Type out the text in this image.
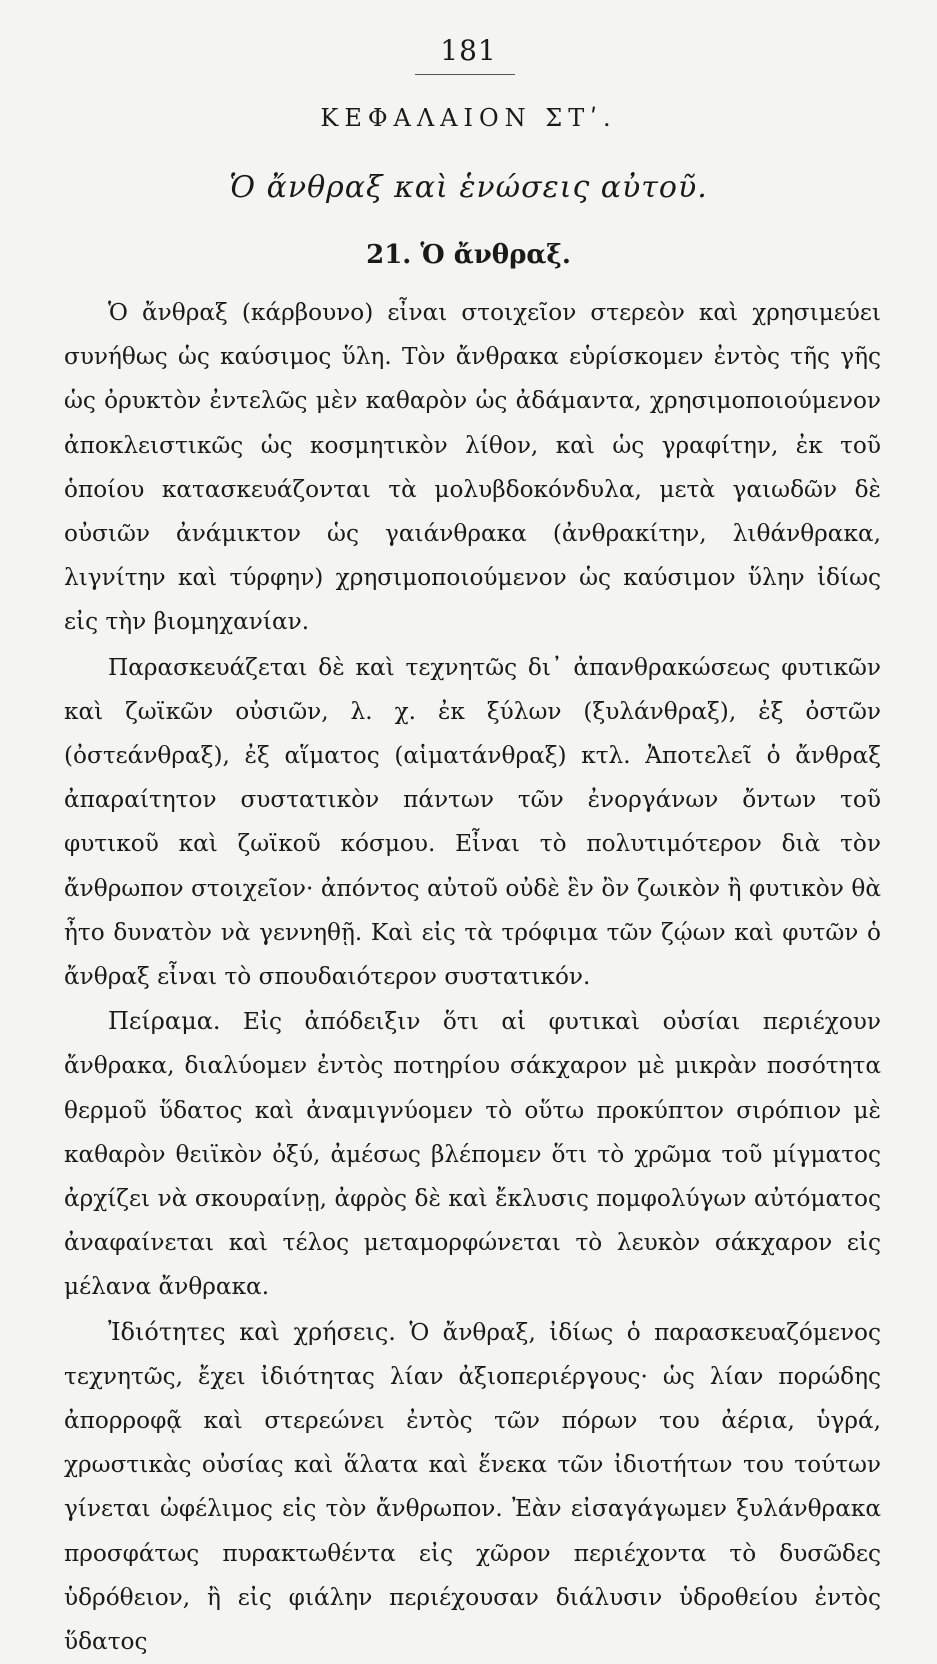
181
ΚΕΦΑΛΑΙΟΝ ΣΤʹ.
Ὁ ἄνθραξ καὶ ἑνώσεις αὐτοῦ.
21. Ὁ ἄνθραξ.

Ὁ ἄνθραξ (κάρβουνο) εἶναι στοιχεῖον στερεὸν καὶ χρησιμεύει συνήθως ὡς καύσιμος ὕλη. Τὸν ἄνθρακα εὑρίσκομεν ἐντὸς τῆς γῆς ὡς ὀρυκτὸν ἐντελῶς μὲν καθαρὸν ὡς ἀδάμαντα, χρησιμοποιούμενον ἀποκλειστικῶς ὡς κοσμητικὸν λίθον, καὶ ὡς γραφίτην, ἐκ τοῦ ὁποίου κατασκευάζονται τὰ μολυβδοκόνδυλα, μετὰ γαιωδῶν δὲ οὐσιῶν ἀνάμικτον ὡς γαιάνθρακα (ἀνθρακίτην, λιθάνθρακα, λιγνίτην καὶ τύρφην) χρησιμοποιούμενον ὡς καύσιμον ὕλην ἰδίως εἰς τὴν βιομηχανίαν.

Παρασκευάζεται δὲ καὶ τεχνητῶς δι᾽ ἀπανθρακώσεως φυτικῶν καὶ ζωϊκῶν οὐσιῶν, λ. χ. ἐκ ξύλων (ξυλάνθραξ), ἐξ ὀστῶν (ὀστεάνθραξ), ἐξ αἵματος (αἱματάνθραξ) κτλ. Ἀποτελεῖ ὁ ἄνθραξ ἀπαραίτητον συστατικὸν πάντων τῶν ἐνοργάνων ὄντων τοῦ φυτικοῦ καὶ ζωϊκοῦ κόσμου. Εἶναι τὸ πολυτιμότερον διὰ τὸν ἄνθρωπον στοιχεῖον· ἀπόντος αὐτοῦ οὐδὲ ἓν ὂν ζωικὸν ἢ φυτικὸν θὰ ἦτο δυνατὸν νὰ γεννηθῇ. Καὶ εἰς τὰ τρόφιμα τῶν ζῴων καὶ φυτῶν ὁ ἄνθραξ εἶναι τὸ σπουδαιότερον συστατικόν.

Πείραμα. Εἰς ἀπόδειξιν ὅτι αἱ φυτικαὶ οὐσίαι περιέχουν ἄνθρακα, διαλύομεν ἐντὸς ποτηρίου σάκχαρον μὲ μικρὰν ποσότητα θερμοῦ ὕδατος καὶ ἀναμιγνύομεν τὸ οὕτω προκύπτον σιρόπιον μὲ καθαρὸν θειϊκὸν ὀξύ, ἀμέσως βλέπομεν ὅτι τὸ χρῶμα τοῦ μίγματος ἀρχίζει νὰ σκουραίνῃ, ἀφρὸς δὲ καὶ ἔκλυσις πομφολύγων αὐτόματος ἀναφαίνεται καὶ τέλος μεταμορφώνεται τὸ λευκὸν σάκχαρον εἰς μέλανα ἄνθρακα.

Ἰδιότητες καὶ χρήσεις. Ὁ ἄνθραξ, ἰδίως ὁ παρασκευαζόμενος τεχνητῶς, ἔχει ἰδιότητας λίαν ἀξιοπεριέργους· ὡς λίαν πορώδης ἀπορροφᾷ καὶ στερεώνει ἐντὸς τῶν πόρων του ἀέρια, ὑγρά, χρωστικὰς οὐσίας καὶ ἅλατα καὶ ἕνεκα τῶν ἰδιοτήτων του τούτων γίνεται ὠφέλιμος εἰς τὸν ἄνθρωπον. Ἐὰν εἰσαγάγωμεν ξυλάνθρακα προσφάτως πυρακτωθέντα εἰς χῶρον περιέχοντα τὸ δυσῶδες ὑδρόθειον, ἢ εἰς φιάλην περιέχουσαν διάλυσιν ὑδροθείου ἐντὸς ὕδατος
